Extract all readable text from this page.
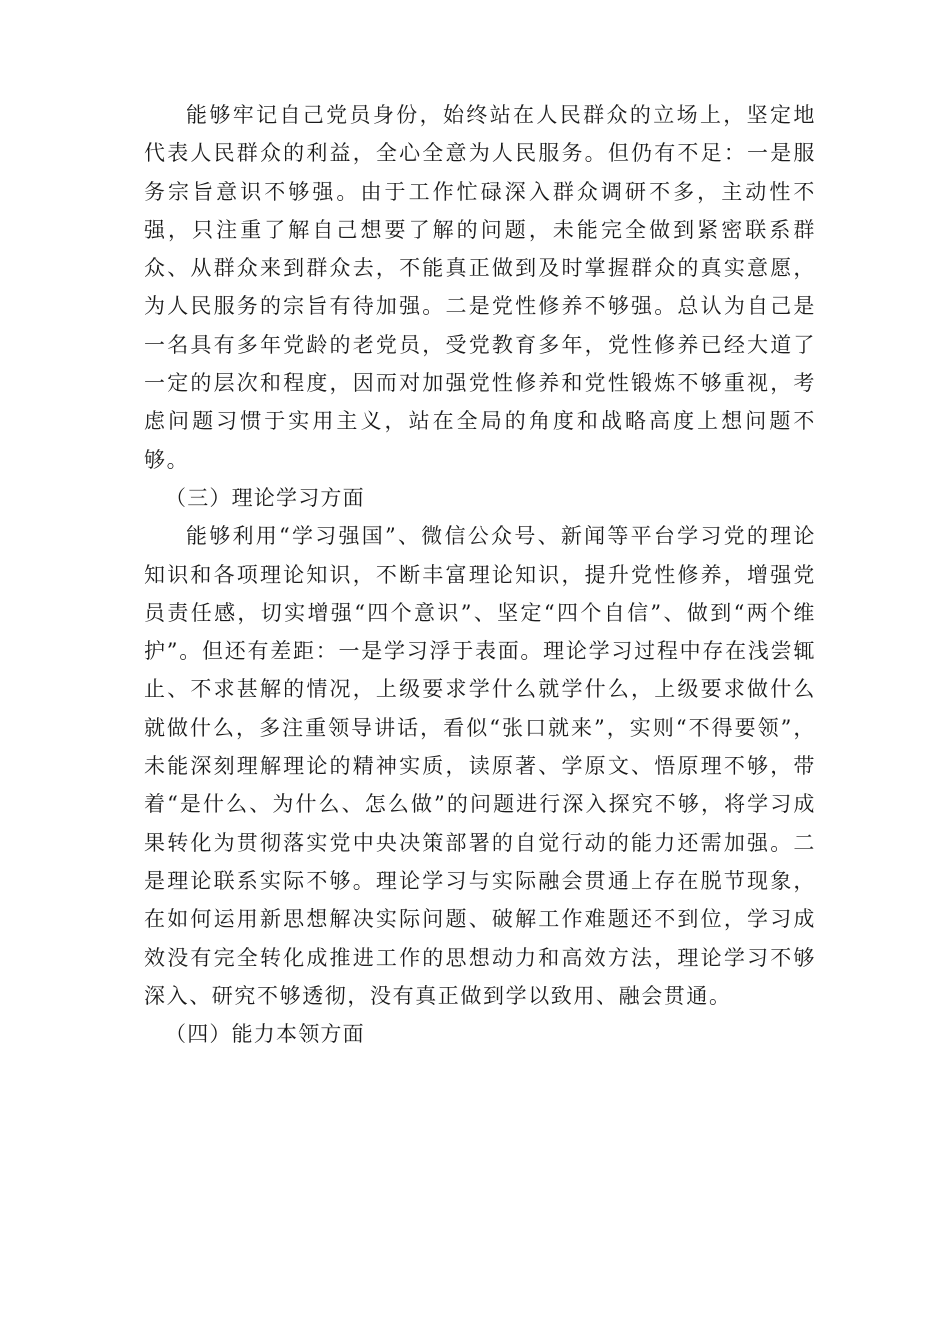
能够牢记自己党员身份，始终站在人民群众的立场上，坚定地代表人民群众的利益，全心全意为人民服务。但仍有不足：一是服务宗旨意识不够强。由于工作忙碌深入群众调研不多，主动性不强，只注重了解自己想要了解的问题，未能完全做到紧密联系群众、从群众来到群众去，不能真正做到及时掌握群众的真实意愿，为人民服务的宗旨有待加强。二是党性修养不够强。总认为自己是一名具有多年党龄的老党员，受党教育多年，党性修养已经大道了一定的层次和程度，因而对加强党性修养和党性锻炼不够重视，考虑问题习惯于实用主义，站在全局的角度和战略高度上想问题不够。

（三）理论学习方面

能够利用“学习强国”、微信公众号、新闻等平台学习党的理论知识和各项理论知识，不断丰富理论知识，提升党性修养，增强党员责任感，切实增强“四个意识”、坚定“四个自信”、做到“两个维护”。但还有差距：一是学习浮于表面。理论学习过程中存在浅尝辄止、不求甚解的情况，上级要求学什么就学什么，上级要求做什么就做什么，多注重领导讲话，看似“张口就来”，实则“不得要领”，未能深刻理解理论的精神实质，读原著、学原文、悟原理不够，带着“是什么、为什么、怎么做”的问题进行深入探究不够，将学习成果转化为贯彻落实党中央决策部署的自觉行动的能力还需加强。二是理论联系实际不够。理论学习与实际融会贯通上存在脱节现象，在如何运用新思想解决实际问题、破解工作难题还不到位，学习成效没有完全转化成推进工作的思想动力和高效方法，理论学习不够深入、研究不够透彻，没有真正做到学以致用、融会贯通。

（四）能力本领方面
